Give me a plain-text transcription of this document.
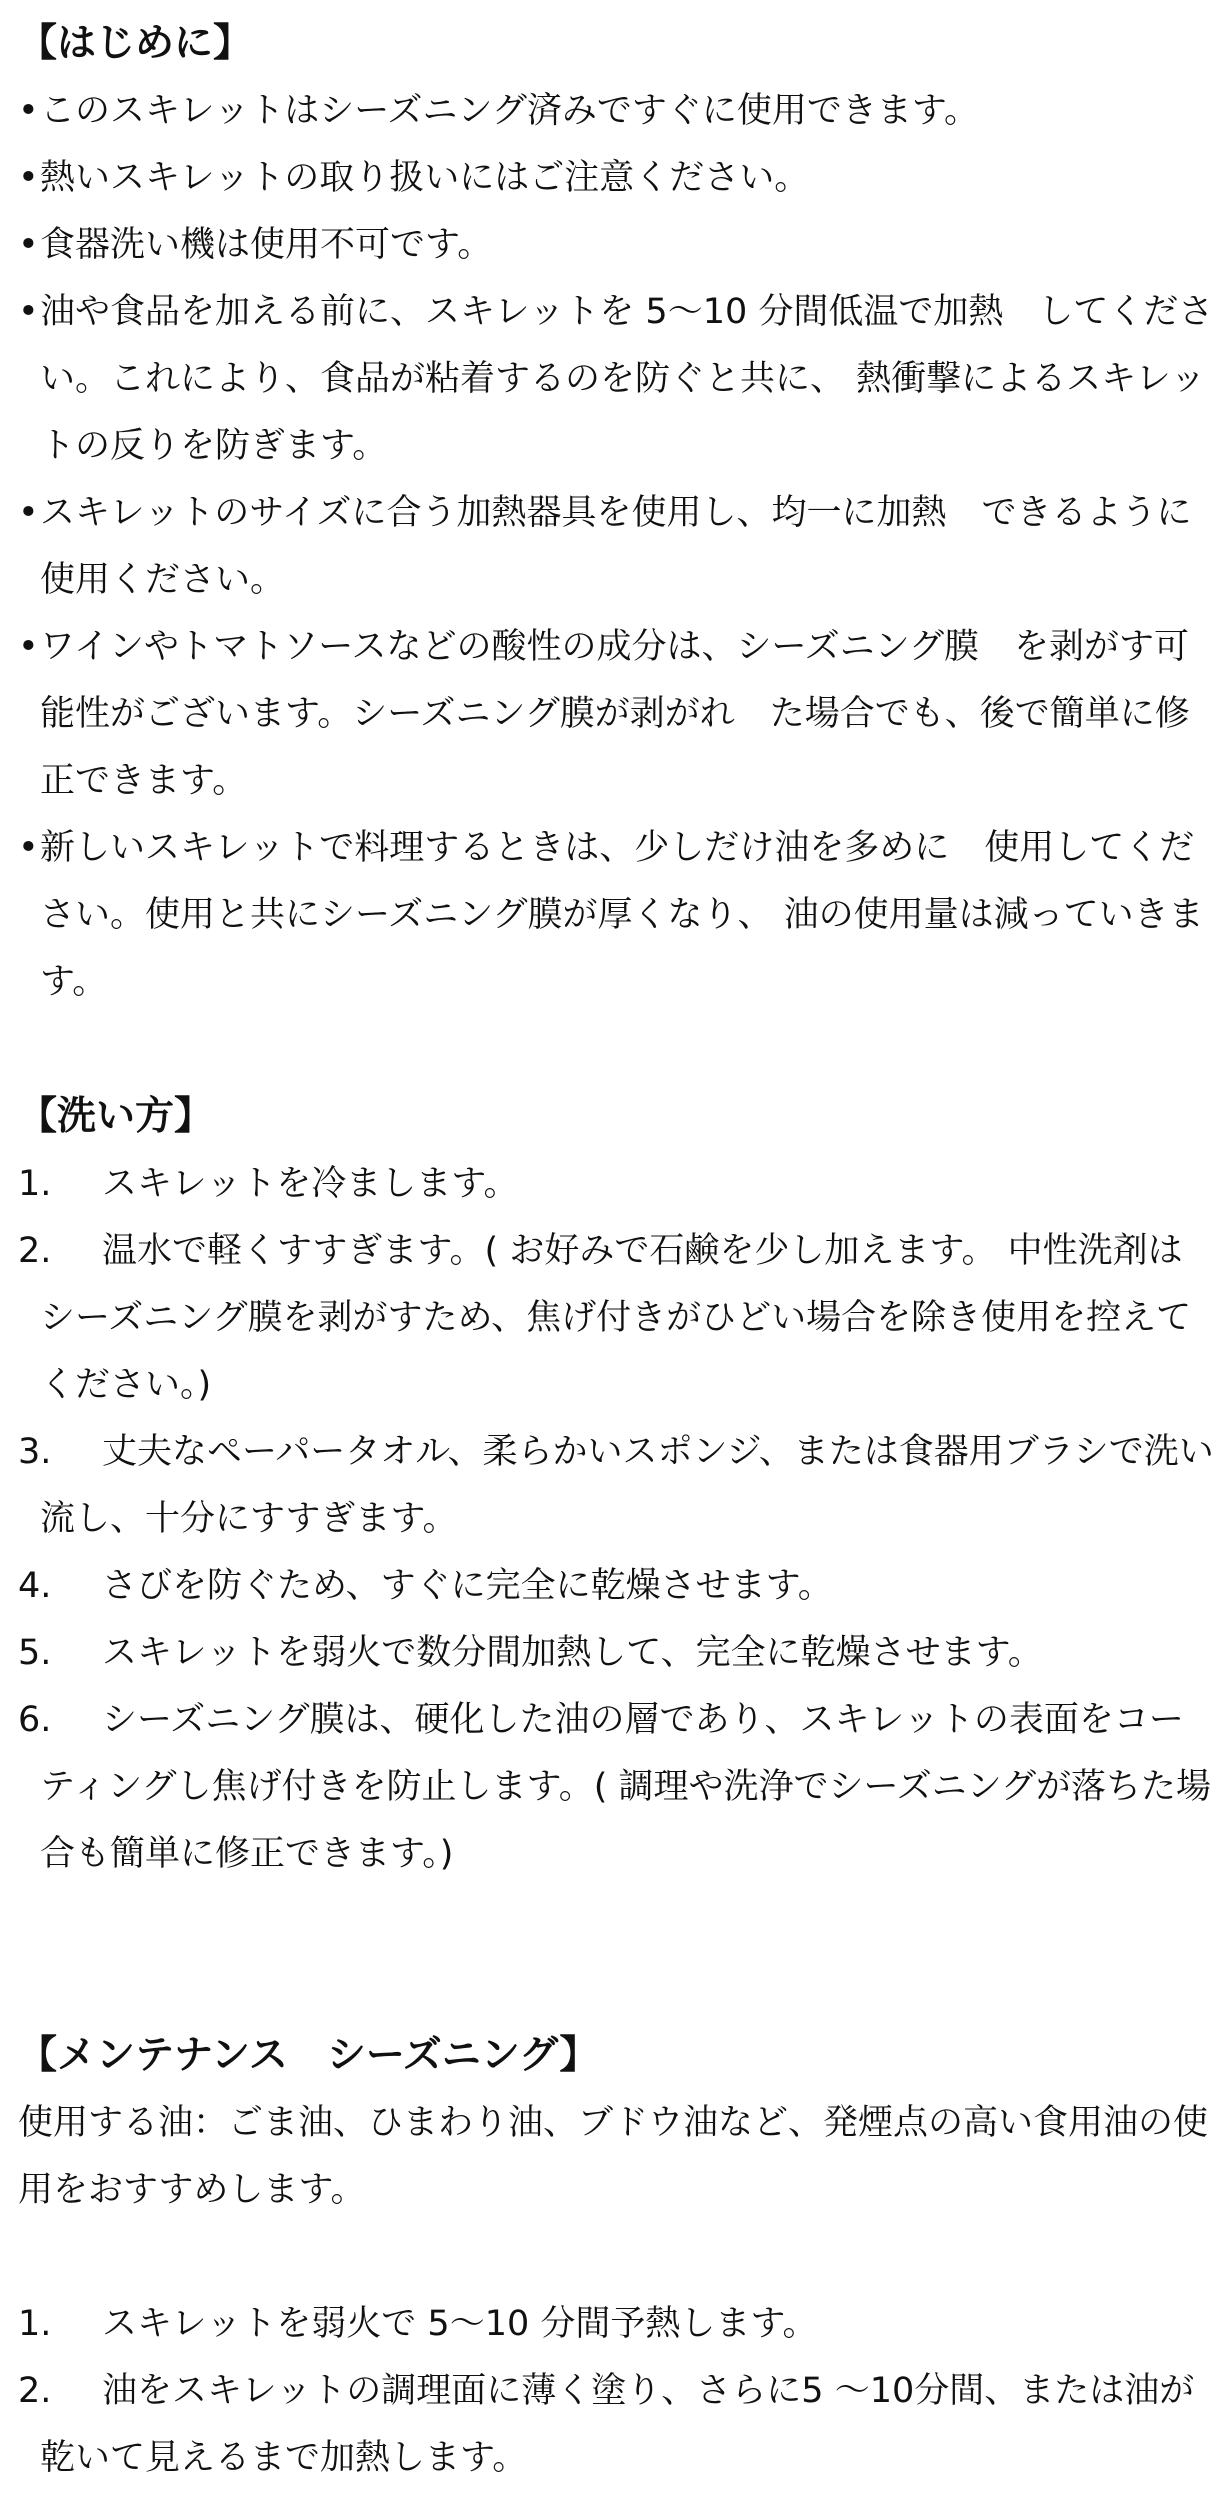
【はじめに】
• このスキレットはシーズニング済みですぐに使用できます。
• 熱いスキレットの取り扱いにはご注意ください。
• 食器洗い機は使用不可です。
• 油や食品を加える前に、スキレットを 5〜10 分間低温で加熱　してください。これにより、食品が粘着するのを防ぐと共に、 熱衝撃によるスキレットの反りを防ぎます。
• スキレットのサイズに合う加熱器具を使用し、均一に加熱　できるように使用ください。
• ワインやトマトソースなどの酸性の成分は、シーズニング膜　を剥がす可能性がございます。シーズニング膜が剥がれ　た場合でも、後で簡単に修正できます。
• 新しいスキレットで料理するときは、少しだけ油を多めに　使用してください。使用と共にシーズニング膜が厚くなり、 油の使用量は減っていきます。
【洗い方】
1. スキレットを冷まします。
2. 温水で軽くすすぎます。( お好みで石鹸を少し加えます。 中性洗剤はシーズニング膜を剥がすため、焦げ付きがひどい場合を除き使用を控えてください。)
3. 丈夫なペーパータオル、柔らかいスポンジ、または食器用ブラシで洗い流し、十分にすすぎます。
4. さびを防ぐため、すぐに完全に乾燥させます。
5. スキレットを弱火で数分間加熱して、完全に乾燥させます。
6. シーズニング膜は、硬化した油の層であり、スキレットの表面をコーティングし焦げ付きを防止します。( 調理や洗浄でシーズニングが落ちた場合も簡単に修正できます。)
【メンテナンス　シーズニング】
使用する油：ごま油、ひまわり油、ブドウ油など、発煙点の高い食用油の使用をおすすめします。
1. スキレットを弱火で 5〜10 分間予熱します。
2. 油をスキレットの調理面に薄く塗り、さらに5 〜10分間、または油が乾いて見えるまで加熱します。
